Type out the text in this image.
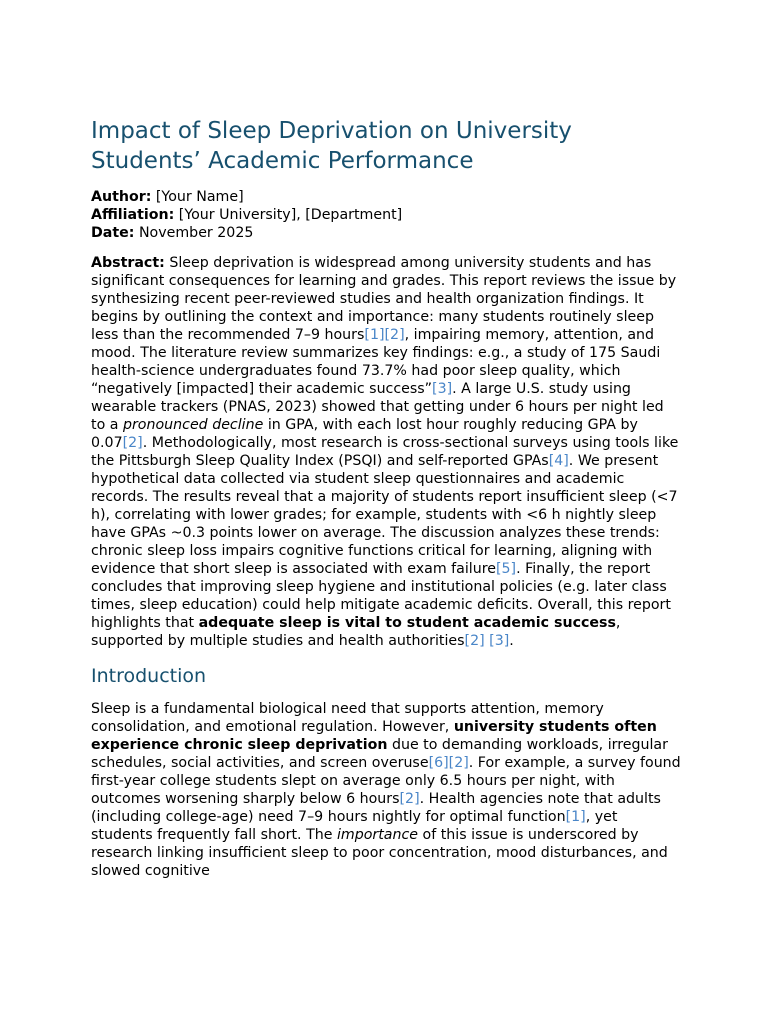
Impact of Sleep Deprivation on University Students’ Academic Performance
Author: [Your Name]
Affiliation: [Your University], [Department]
Date: November 2025

Abstract: Sleep deprivation is widespread among university students and has significant consequences for learning and grades. This report reviews the issue by synthesizing recent peer-reviewed studies and health organization findings. It begins by outlining the context and importance: many students routinely sleep less than the recommended 7–9 hours[1][2], impairing memory, attention, and mood. The literature review summarizes key findings: e.g., a study of 175 Saudi health-science undergraduates found 73.7% had poor sleep quality, which “negatively [impacted] their academic success”[3]. A large U.S. study using wearable trackers (PNAS, 2023) showed that getting under 6 hours per night led to a pronounced decline in GPA, with each lost hour roughly reducing GPA by 0.07[2]. Methodologically, most research is cross-sectional surveys using tools like the Pittsburgh Sleep Quality Index (PSQI) and self-reported GPAs[4]. We present hypothetical data collected via student sleep questionnaires and academic records. The results reveal that a majority of students report insufficient sleep (<7 h), correlating with lower grades; for example, students with <6 h nightly sleep have GPAs ~0.3 points lower on average. The discussion analyzes these trends: chronic sleep loss impairs cognitive functions critical for learning, aligning with evidence that short sleep is associated with exam failure[5]. Finally, the report concludes that improving sleep hygiene and institutional policies (e.g. later class times, sleep education) could help mitigate academic deficits. Overall, this report highlights that adequate sleep is vital to student academic success, supported by multiple studies and health authorities[2] [3].

Introduction

Sleep is a fundamental biological need that supports attention, memory consolidation, and emotional regulation. However, university students often experience chronic sleep deprivation due to demanding workloads, irregular schedules, social activities, and screen overuse[6][2]. For example, a survey found first-year college students slept on average only 6.5 hours per night, with outcomes worsening sharply below 6 hours[2]. Health agencies note that adults (including college-age) need 7–9 hours nightly for optimal function[1], yet students frequently fall short. The importance of this issue is underscored by research linking insufficient sleep to poor concentration, mood disturbances, and slowed cognitive
